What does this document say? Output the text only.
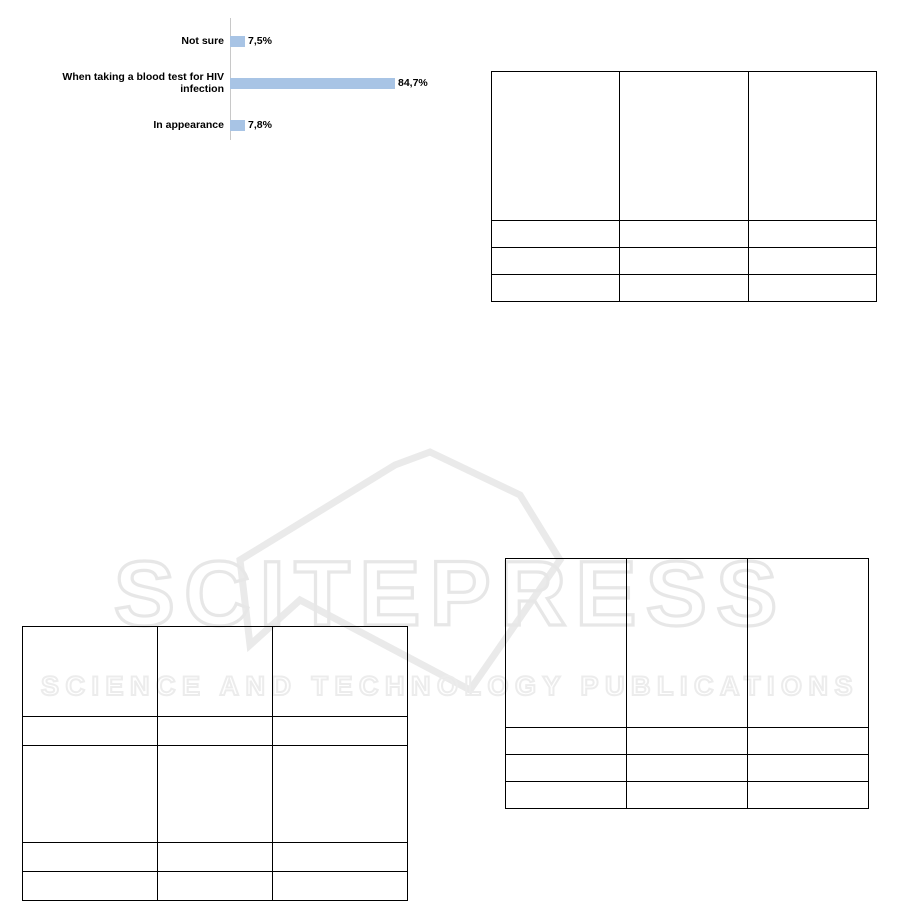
SCITEPRESS
SCIENCE AND TECHNOLOGY PUBLICATIONS
Not sure	7,5%
When taking a blood test for HIV infection	84,7%
In appearance	7,8%
